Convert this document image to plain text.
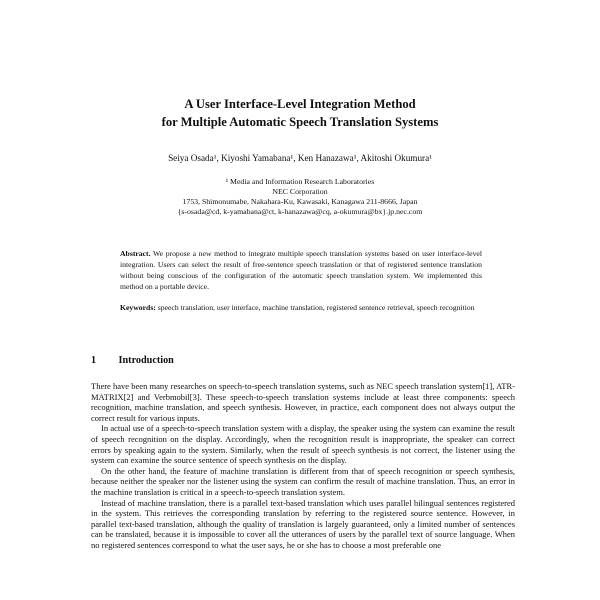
A User Interface-Level Integration Method
for Multiple Automatic Speech Translation Systems
Seiya Osada¹, Kiyoshi Yamabana¹, Ken Hanazawa¹, Akitoshi Okumura¹
¹ Media and Information Research Laboratories
NEC Corporation
1753, Shimonumabe, Nakahara-Ku, Kawasaki, Kanagawa 211-8666, Japan
{s-osada@cd, k-yamabana@ct, k-hanazawa@cq, a-okumura@bx}.jp.nec.com
Abstract. We propose a new method to integrate multiple speech translation systems based on user interface-level integration. Users can select the result of free-sentence speech translation or that of registered sentence translation without being conscious of the configuration of the automatic speech translation system. We implemented this method on a portable device.
Keywords: speech translation, user interface, machine translation, registered sentence retrieval, speech recognition
1 Introduction

There have been many researches on speech-to-speech translation systems, such as NEC speech translation system[1], ATR-MATRIX[2] and Verbmobil[3]. These speech-to-speech translation systems include at least three components: speech recognition, machine translation, and speech synthesis. However, in practice, each component does not always output the correct result for various inputs.

In actual use of a speech-to-speech translation system with a display, the speaker using the system can examine the result of speech recognition on the display. Accordingly, when the recognition result is inappropriate, the speaker can correct errors by speaking again to the system. Similarly, when the result of speech synthesis is not correct, the listener using the system can examine the source sentence of speech synthesis on the display.

On the other hand, the feature of machine translation is different from that of speech recognition or speech synthesis, because neither the speaker nor the listener using the system can confirm the result of machine translation. Thus, an error in the machine translation is critical in a speech-to-speech translation system.

Instead of machine translation, there is a parallel text-based translation which uses parallel bilingual sentences registered in the system. This retrieves the corresponding translation by referring to the registered source sentence. However, in parallel text-based translation, although the quality of translation is largely guaranteed, only a limited number of sentences can be translated, because it is impossible to cover all the utterances of users by the parallel text of source language. When no registered sentences correspond to what the user says, he or she has to choose a most preferable one
